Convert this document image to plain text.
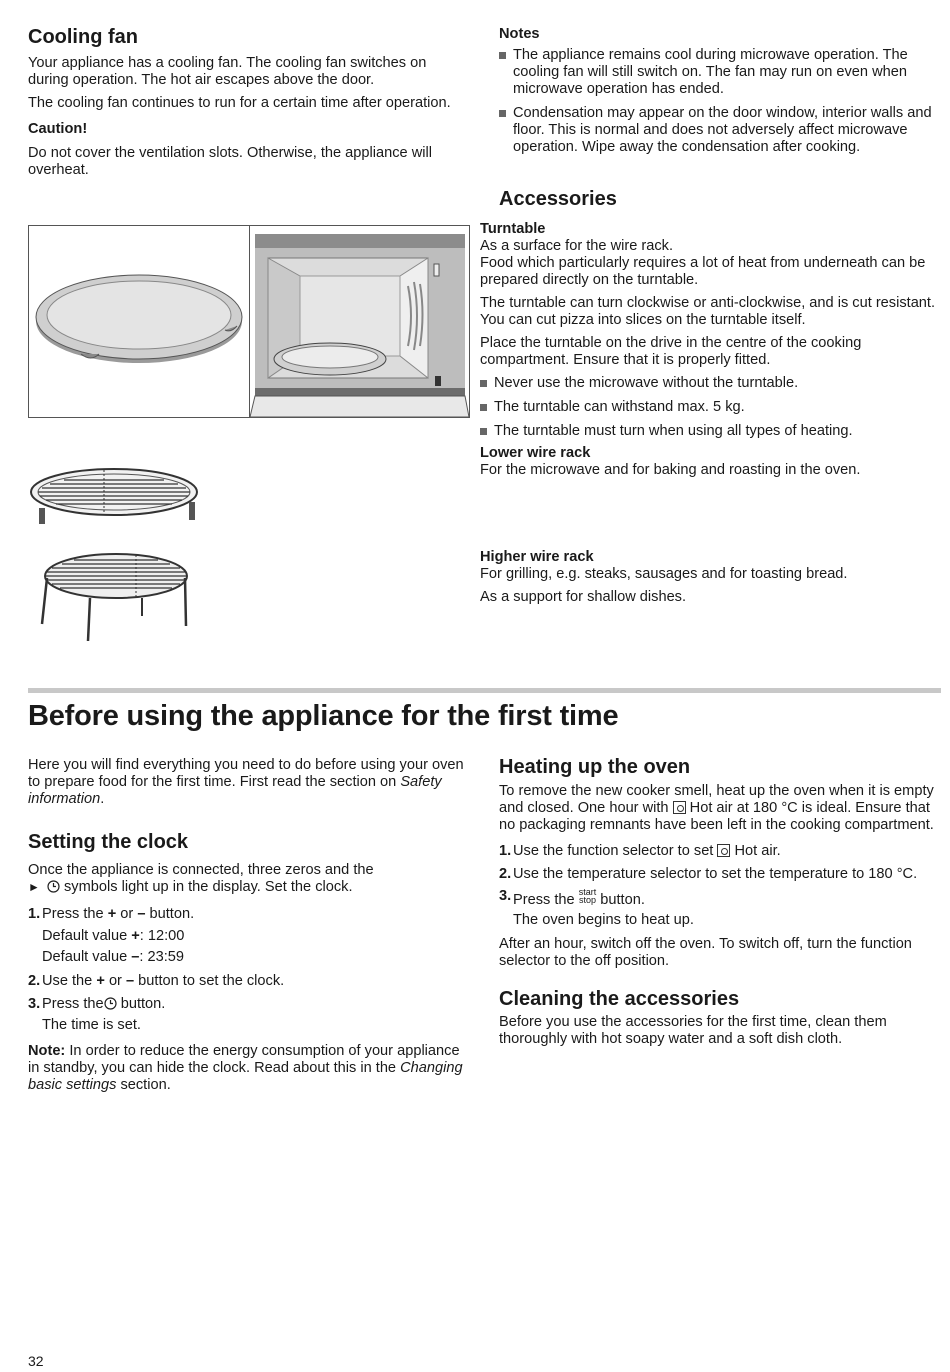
Cooling fan

Your appliance has a cooling fan. The cooling fan switches on during operation. The hot air escapes above the door.

The cooling fan continues to run for a certain time after operation.

Caution!

Do not cover the ventilation slots. Otherwise, the appliance will overheat.

Notes

The appliance remains cool during microwave operation. The cooling fan will still switch on. The fan may run on even when microwave operation has ended.
Condensation may appear on the door window, interior walls and floor. This is normal and does not adversely affect microwave operation. Wipe away the condensation after cooking.
Accessories

Turntable

As a surface for the wire rack.

Food which particularly requires a lot of heat from underneath can be prepared directly on the turntable.

The turntable can turn clockwise or anti-clockwise, and is cut resistant. You can cut pizza into slices on the turntable itself.

Place the turntable on the drive in the centre of the cooking compartment. Ensure that it is properly fitted.

Never use the microwave without the turntable.
The turntable can withstand max. 5 kg.
The turntable must turn when using all types of heating.

Lower wire rack

For the microwave and for baking and roasting in the oven.

Higher wire rack

For grilling, e.g. steaks, sausages and for toasting bread.

As a support for shallow dishes.

Before using the appliance for the first time

Here you will find everything you need to do before using your oven to prepare food for the first time. First read the section on Safety information.

Setting the clock

Once the appliance is connected, three zeros and the
►  symbols light up in the display. Set the clock.

1. Press the + or – button.

Default value +: 12:00

Default value –: 23:59

2. Use the + or – button to set the clock.
3. Press the button.

The time is set.

Note: In order to reduce the energy consumption of your appliance in standby, you can hide the clock. Read about this in the Changing basic settings section.

Heating up the oven

To remove the new cooker smell, heat up the oven when it is empty and closed. One hour with  Hot air at 180 °C is ideal. Ensure that no packaging remnants have been left in the cooking compartment.

1. Use the function selector to set  Hot air.
2. Use the temperature selector to set the temperature to 180 °C.
3. Press the start
stop button.

The oven begins to heat up.

After an hour, switch off the oven. To switch off, turn the function selector to the off position.

Cleaning the accessories

Before you use the accessories for the first time, clean them thoroughly with hot soapy water and a soft dish cloth.

32
